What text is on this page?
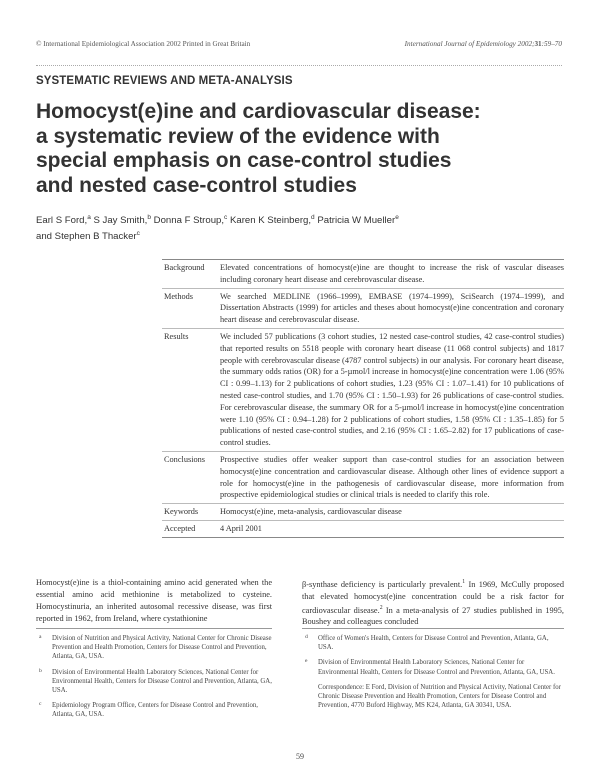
© International Epidemiological Association 2002 Printed in Great Britain	International Journal of Epidemiology 2002;31:59–70
SYSTEMATIC REVIEWS AND META-ANALYSIS
Homocyst(e)ine and cardiovascular disease:
a systematic review of the evidence with
special emphasis on case-control studies
and nested case-control studies
Earl S Ford,$^a$ S Jay Smith,$^b$ Donna F Stroup,$^c$ Karen K Steinberg,$^d$ Patricia W Mueller$^e$
and Stephen B Thacker$^c$
Background	Elevated concentrations of homocyst(e)ine are thought to increase the risk of vascular diseases including coronary heart disease and cerebrovascular disease.
Methods	We searched MEDLINE (1966–1999), EMBASE (1974–1999), SciSearch (1974–1999), and Dissertation Abstracts (1999) for articles and theses about homocyst(e)ine concentration and coronary heart disease and cerebrovascular disease.
Results	We included 57 publications (3 cohort studies, 12 nested case-control studies, 42 case-control studies) that reported results on 5518 people with coronary heart disease (11 068 control subjects) and 1817 people with cerebrovascular disease (4787 control subjects) in our analysis. For coronary heart disease, the summary odds ratios (OR) for a 5-µmol/l increase in homocyst(e)ine concentration were 1.06 (95% CI : 0.99–1.13) for 2 publications of cohort studies, 1.23 (95% CI : 1.07–1.41) for 10 publications of nested case-control studies, and 1.70 (95% CI : 1.50–1.93) for 26 publications of case-control studies. For cerebrovascular disease, the summary OR for a 5-µmol/l increase in homocyst(e)ine concentration were 1.10 (95% CI : 0.94–1.28) for 2 publications of cohort studies, 1.58 (95% CI : 1.35–1.85) for 5 publications of nested case-control studies, and 2.16 (95% CI : 1.65–2.82) for 17 publications of case-control studies.
Conclusions	Prospective studies offer weaker support than case-control studies for an association between homocyst(e)ine concentration and cardiovascular disease. Although other lines of evidence support a role for homocyst(e)ine in the pathogenesis of cardiovascular disease, more information from prospective epidemiological studies or clinical trials is needed to clarify this role.
Keywords	Homocyst(e)ine, meta-analysis, cardiovascular disease
Accepted	4 April 2001
Homocyst(e)ine is a thiol-containing amino acid generated when the essential amino acid methionine is metabolized to cysteine. Homocystinuria, an inherited autosomal recessive disease, was first reported in 1962, from Ireland, where cystathionine
β-synthase deficiency is particularly prevalent.$^1$ In 1969, McCully proposed that elevated homocyst(e)ine concentration could be a risk factor for cardiovascular disease.$^2$ In a meta-analysis of 27 studies published in 1995, Boushey and colleagues concluded
a Division of Nutrition and Physical Activity, National Center for Chronic Disease Prevention and Health Promotion, Centers for Disease Control and Prevention, Atlanta, GA, USA.
b Division of Environmental Health Laboratory Sciences, National Center for Environmental Health, Centers for Disease Control and Prevention, Atlanta, GA, USA.
c Epidemiology Program Office, Centers for Disease Control and Prevention, Atlanta, GA, USA.
d Office of Women's Health, Centers for Disease Control and Prevention, Atlanta, GA, USA.
e Division of Environmental Health Laboratory Sciences, National Center for Environmental Health, Centers for Disease Control and Prevention, Atlanta, GA, USA.
Correspondence: E Ford, Division of Nutrition and Physical Activity, National Center for Chronic Disease Prevention and Health Promotion, Centers for Disease Control and Prevention, 4770 Buford Highway, MS K24, Atlanta, GA 30341, USA.
59
